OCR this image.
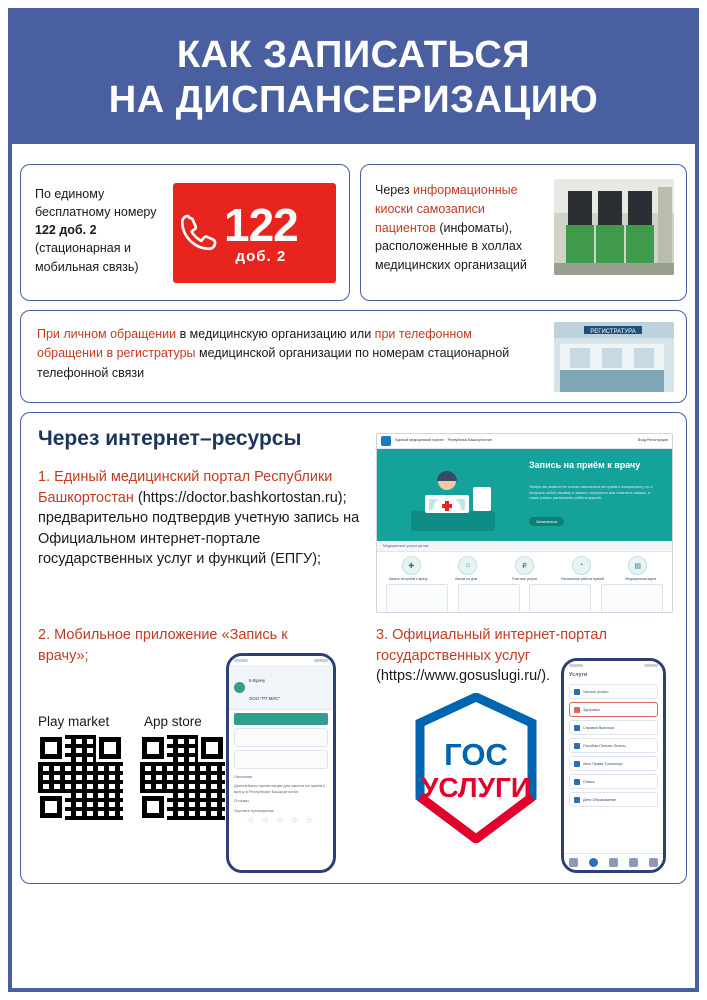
КАК ЗАПИСАТЬСЯ
НА ДИСПАНСЕРИЗАЦИЮ
По единому бесплатному номеру 122 доб. 2 (стационарная и мобильная связь)
122
доб. 2
Через информационные киоски самозаписи пациентов (инфоматы), расположенные в холлах медицинских организаций
При личном обращении в медицинскую организацию или при телефонном обращении в регистратуры медицинской организации по номерам стационарной телефонной связи
РЕГИСТРАТУРА
Через интернет–ресурсы
1. Единый медицинский портал Республики Башкортостан (https://doctor.bashkortostan.ru); предварительно подтвердив учетную запись на Официальном интернет-портале государственных услуг и функций (ЕПГУ);
2. Мобильное приложение «Запись к врачу»;
3. Официальный интернет-портал государственных услуг (https://www.gosuslugi.ru/).
Единый медицинский портал Республика Башкортостан	Вход Регистрация
Запись на приём к врачу
Теперь вы можете не только записаться на приём к специалисту, но и получить online справку о записи, перенести или отменить запись, а также узнать расписание работы врачей.
Записаться
Медицинские услуги детям
✚	⌂	₽	◔	▤
Запись на приём к врачу	Вызов на дом	Платные услуги	Расписание работы врачей	Медицинская карта
Play market	App store
К-Врачу
ООО "РТ МИС"
Описание
Дальнейшая презентация для записи на приём к врачу в Республике Башкортостан
Отзывы
Оцените приложение
☆ ☆ ☆ ☆ ☆
ГОС
УСЛУГИ
Услуги
Частые услуги
Здоровье
Справки Выписки
Пособия Пенсия Льготы
Авто Права Транспорт
Семья
Дети Образование
